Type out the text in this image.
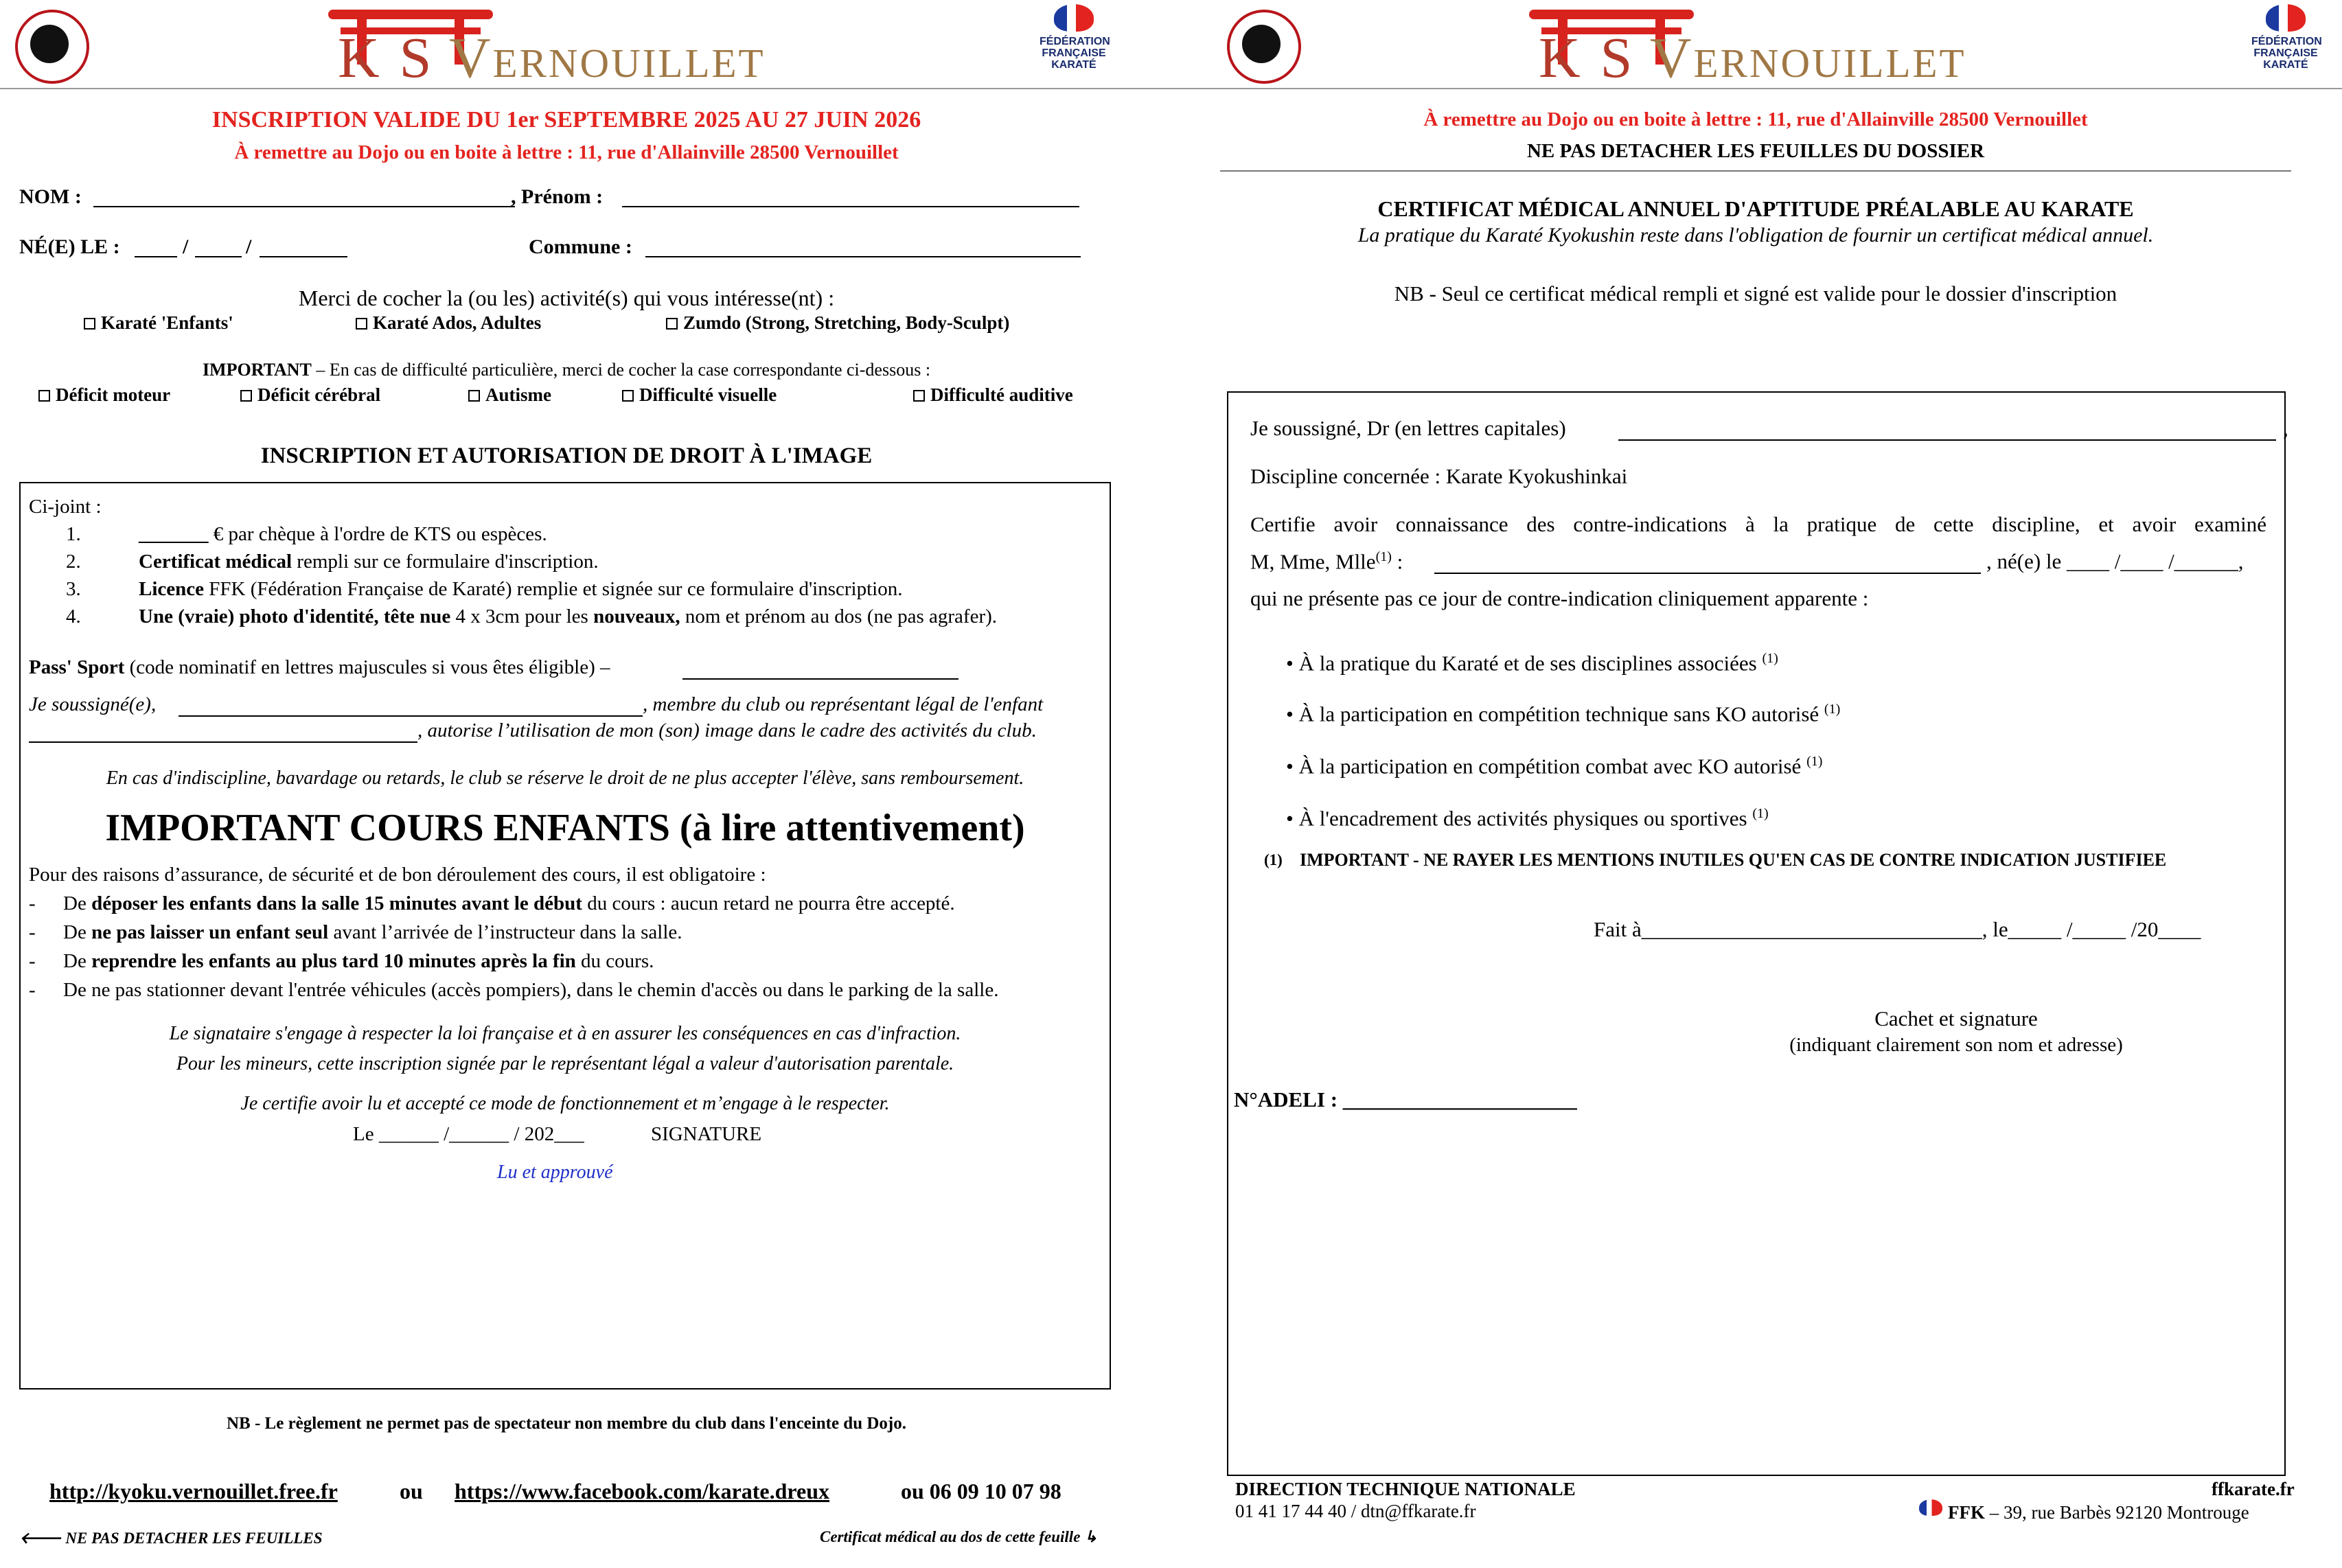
K S Vernouillet	FÉDÉRATION
FRANÇAISE
KARATÉ
INSCRIPTION VALIDE DU 1er SEPTEMBRE 2025 AU 27 JUIN 2026
À remettre au Dojo ou en boite à lettre : 11, rue d'Allainville 28500 Vernouillet
NOM :	, Prénom :
NÉ(E) LE :	/	/	Commune :
Merci de cocher la (ou les) activité(s) qui vous intéresse(nt) :
Karaté 'Enfants'	Karaté Ados, Adultes	Zumdo (Strong, Stretching, Body-Sculpt)
IMPORTANT – En cas de difficulté particulière, merci de cocher la case correspondante ci-dessous :
Déficit moteur	Déficit cérébral	Autisme	Difficulté visuelle	Difficulté auditive
INSCRIPTION ET AUTORISATION DE DROIT À L'IMAGE
Ci-joint :
1.	_______ € par chèque à l'ordre de KTS ou espèces.
2.	Certificat médical rempli sur ce formulaire d'inscription.
3.	Licence FFK (Fédération Française de Karaté) remplie et signée sur ce formulaire d'inscription.
4.	Une (vraie) photo d'identité, tête nue 4 x 3cm pour les nouveaux, nom et prénom au dos (ne pas agrafer).
Pass' Sport (code nominatif en lettres majuscules si vous êtes éligible) –
Je soussigné(e),	, membre du club ou représentant légal de l'enfant
, autorise l’utilisation de mon (son) image dans le cadre des activités du club.
En cas d'indiscipline, bavardage ou retards, le club se réserve le droit de ne plus accepter l'élève, sans remboursement.
IMPORTANT COURS ENFANTS (à lire attentivement)
Pour des raisons d’assurance, de sécurité et de bon déroulement des cours, il est obligatoire :
- De déposer les enfants dans la salle 15 minutes avant le début du cours : aucun retard ne pourra être accepté.
- De ne pas laisser un enfant seul avant l’arrivée de l’instructeur dans la salle.
- De reprendre les enfants au plus tard 10 minutes après la fin du cours.
- De ne pas stationner devant l'entrée véhicules (accès pompiers), dans le chemin d'accès ou dans le parking de la salle.
Le signataire s'engage à respecter la loi française et à en assurer les conséquences en cas d'infraction.
Pour les mineurs, cette inscription signée par le représentant légal a valeur d'autorisation parentale.
Je certifie avoir lu et accepté ce mode de fonctionnement et m’engage à le respecter.
Le ______ /______ / 202___	SIGNATURE
Lu et approuvé
NB - Le règlement ne permet pas de spectateur non membre du club dans l'enceinte du Dojo.
http://kyoku.vernouillet.free.fr	ou https://www.facebook.com/karate.dreux	ou 06 09 10 07 98
🡐 NE PAS DETACHER LES FEUILLES	Certificat médical au dos de cette feuille ↳
K S Vernouillet	FÉDÉRATION
FRANÇAISE
KARATÉ
À remettre au Dojo ou en boite à lettre : 11, rue d'Allainville 28500 Vernouillet
NE PAS DETACHER LES FEUILLES DU DOSSIER
CERTIFICAT MÉDICAL ANNUEL D'APTITUDE PRÉALABLE AU KARATE
La pratique du Karaté Kyokushin reste dans l'obligation de fournir un certificat médical annuel.
NB - Seul ce certificat médical rempli et signé est valide pour le dossier d'inscription
Je soussigné, Dr (en lettres capitales)	,
Discipline concernée : Karate Kyokushinkai
Certifie avoir connaissance des contre-indications à la pratique de cette discipline, et avoir examiné
M, Mme, Mlle$^{(1)}$ :	, né(e) le ____ /____ /______,
qui ne présente pas ce jour de contre-indication cliniquement apparente :
• À la pratique du Karaté et de ses disciplines associées $^{(1)}$
• À la participation en compétition technique sans KO autorisé $^{(1)}$
• À la participation en compétition combat avec KO autorisé $^{(1)}$
• À l'encadrement des activités physiques ou sportives $^{(1)}$
(1) IMPORTANT - NE RAYER LES MENTIONS INUTILES QU'EN CAS DE CONTRE INDICATION JUSTIFIEE
Fait à________________________________, le_____ /_____ /20____
Cachet et signature
(indiquant clairement son nom et adresse)
N°ADELI : ______________________
DIRECTION TECHNIQUE NATIONALE
01 41 17 44 40 / dtn@ffkarate.fr
ffkarate.fr
FFK – 39, rue Barbès 92120 Montrouge
